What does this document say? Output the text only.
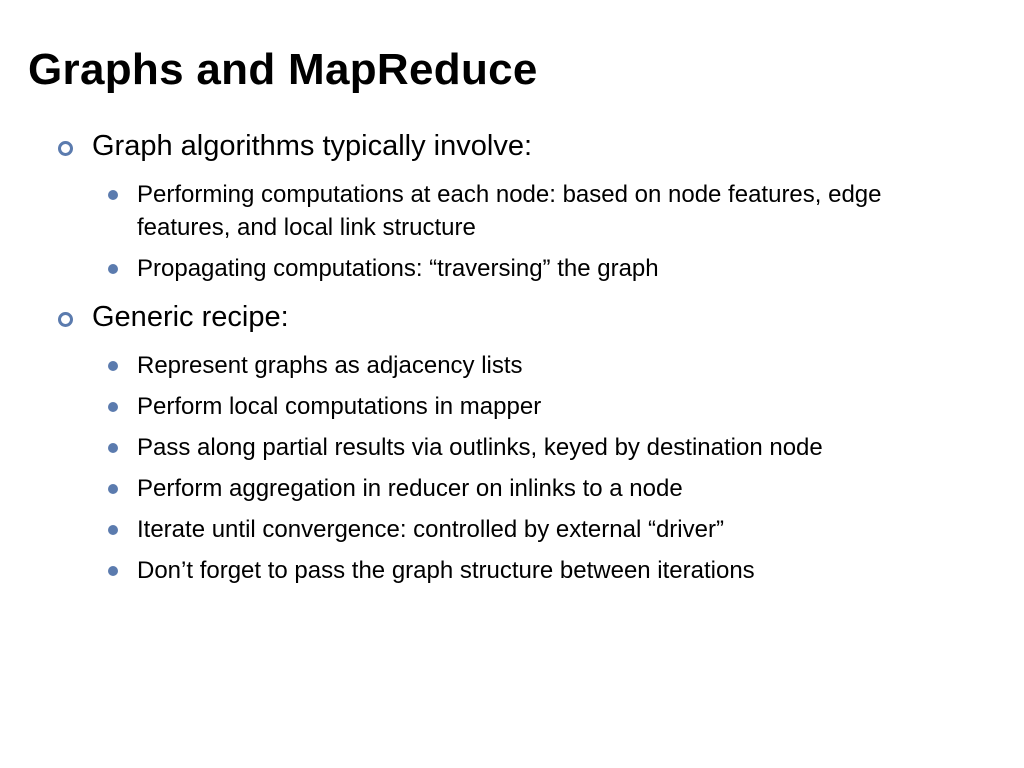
Graphs and MapReduce

Graph algorithms typically involve:

Performing computations at each node: based on node features, edge features, and local link structure
Propagating computations: “traversing” the graph

Generic recipe:

Represent graphs as adjacency lists
Perform local computations in mapper
Pass along partial results via outlinks, keyed by destination node
Perform aggregation in reducer on inlinks to a node
Iterate until convergence: controlled by external “driver”
Don’t forget to pass the graph structure between iterations
